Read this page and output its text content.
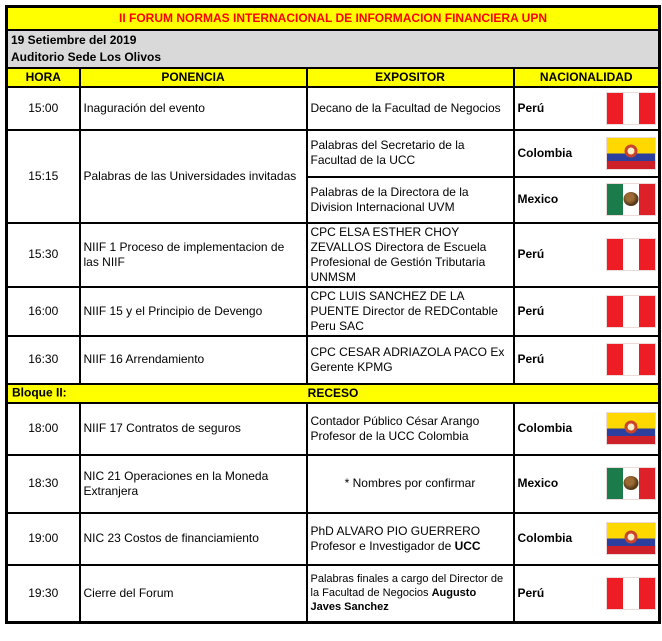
II FORUM NORMAS INTERNACIONAL DE INFORMACION FINANCIERA UPN			

19 Setiembre del 2019
Auditorio Sede Los Olivos			

HORA	PONENCIA	EXPOSITOR	NACIONALIDAD
15:00	Inaguración del evento	Decano de la Facultad de Negocios	Perú

15:15	Palabras de las Universidades invitadas	Palabras del Secretario de la Facultad de la UCC	Colombia

		Palabras de la Directora de la Division Internacional UVM	Mexico

15:30	NIIF 1 Proceso de implementacion de las NIIF	CPC ELSA ESTHER CHOY ZEVALLOS Directora de Escuela Profesional de Gestión Tributaria UNMSM	Perú

16:00	NIIF 15 y el Principio de Devengo	CPC LUIS SANCHEZ DE LA PUENTE Director de REDContable Peru SAC	Perú

16:30	NIIF 16 Arrendamiento	CPC CESAR ADRIAZOLA PACO Ex Gerente KPMG	Perú

Bloque II: RECESO			
18:00	NIIF 17 Contratos de seguros	Contador Público César Arango Profesor de la UCC Colombia	Colombia

18:30	NIC 21 Operaciones en la Moneda Extranjera	* Nombres por confirmar	Mexico

19:00	NIC 23 Costos de financiamiento	PhD ALVARO PIO GUERRERO Profesor e Investigador de UCC	Colombia

19:30	Cierre del Forum	Palabras finales a cargo del Director de la Facultad de Negocios Augusto Javes Sanchez	Perú
